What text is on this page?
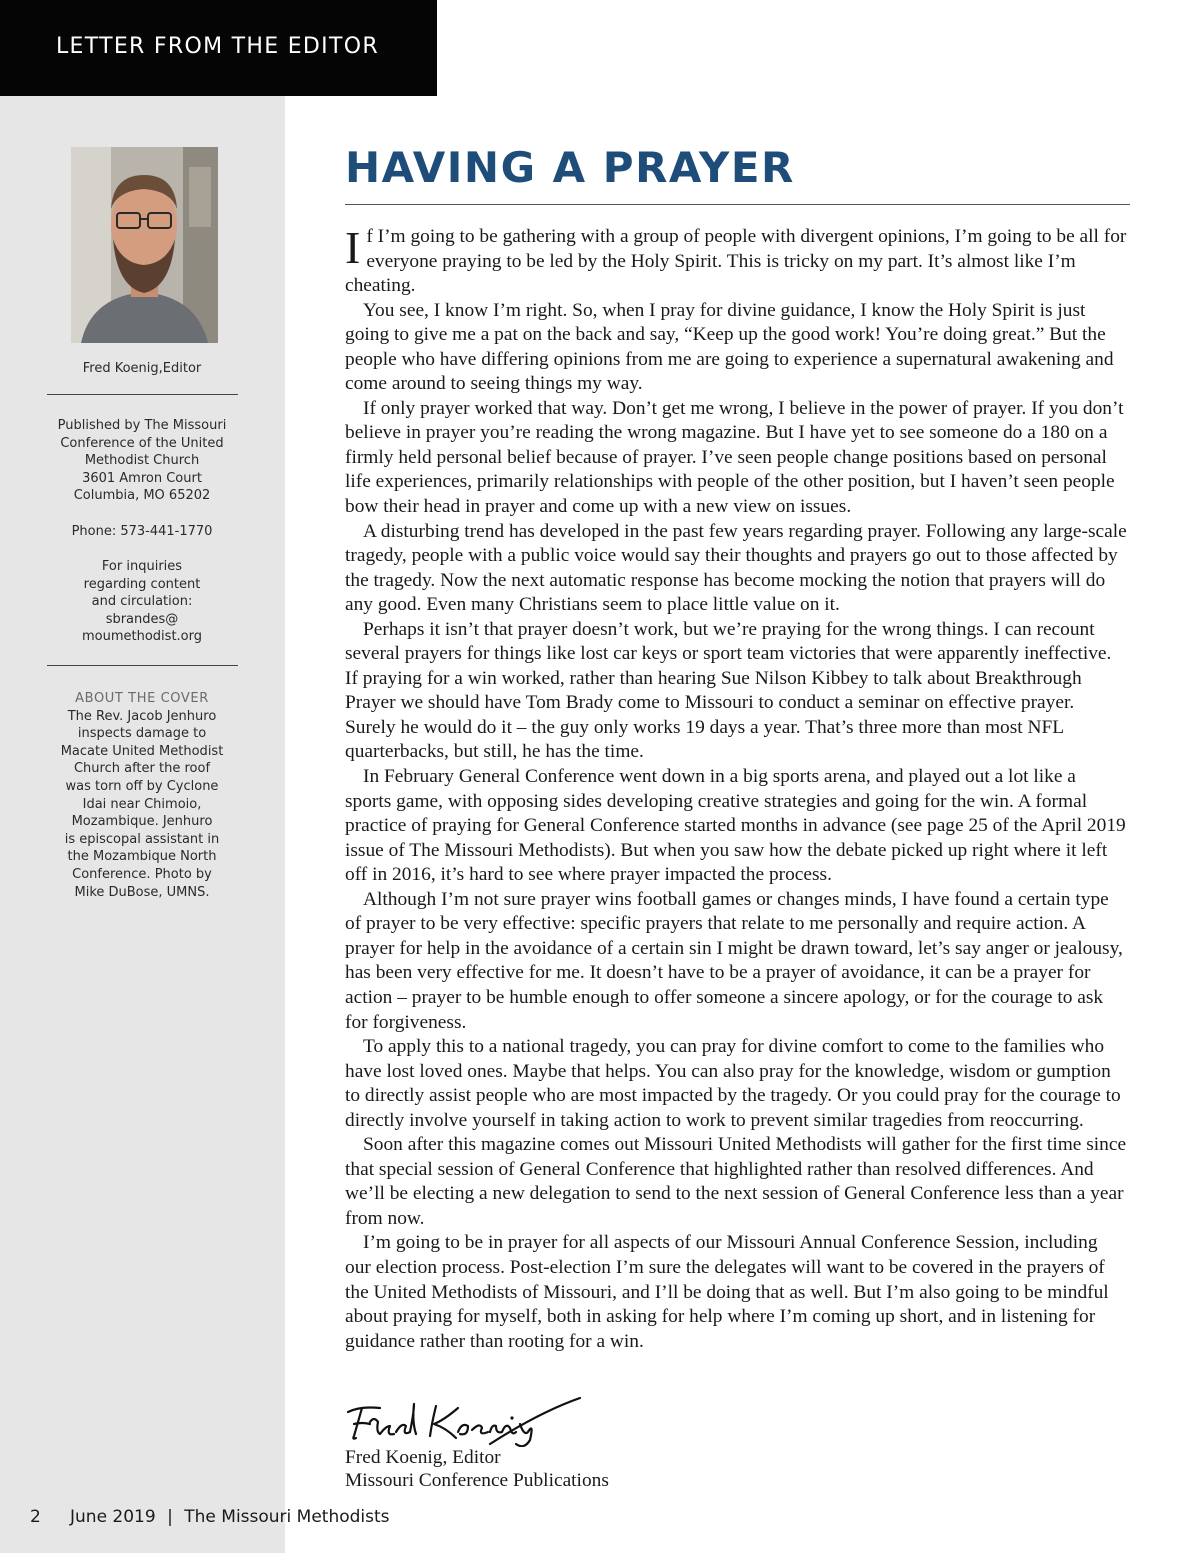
LETTER FROM THE EDITOR
Fred Koenig,Editor
Published by The Missouri
Conference of the United
Methodist Church
3601 Amron Court
Columbia, MO 65202
Phone: 573-441-1770
For inquiries
regarding content
and circulation:
sbrandes@
moumethodist.org
ABOUT THE COVER
The Rev. Jacob Jenhuro
inspects damage to
Macate United Methodist
Church after the roof
was torn off by Cyclone
Idai near Chimoio,
Mozambique. Jenhuro
is episcopal assistant in
the Mozambique North
Conference. Photo by
Mike DuBose, UMNS.
HAVING A PRAYER

If I’m going to be gathering with a group of people with divergent opinions, I’m going to be all for everyone praying to be led by the Holy Spirit. This is tricky on my part. It’s almost like I’m cheating.

You see, I know I’m right. So, when I pray for divine guidance, I know the Holy Spirit is just going to give me a pat on the back and say, “Keep up the good work! You’re doing great.” But the people who have differing opinions from me are going to experience a supernatural awakening and come around to seeing things my way.

If only prayer worked that way. Don’t get me wrong, I believe in the power of prayer. If you don’t believe in prayer you’re reading the wrong magazine. But I have yet to see someone do a 180 on a firmly held personal belief because of prayer. I’ve seen people change positions based on personal life experiences, primarily relationships with people of the other position, but I haven’t seen people bow their head in prayer and come up with a new view on issues.

A disturbing trend has developed in the past few years regarding prayer. Following any large-scale tragedy, people with a public voice would say their thoughts and prayers go out to those affected by the tragedy. Now the next automatic response has become mocking the notion that prayers will do any good. Even many Christians seem to place little value on it.

Perhaps it isn’t that prayer doesn’t work, but we’re praying for the wrong things. I can recount several prayers for things like lost car keys or sport team victories that were apparently ineffective. If praying for a win worked, rather than hearing Sue Nilson Kibbey to talk about Breakthrough Prayer we should have Tom Brady come to Missouri to conduct a seminar on effective prayer. Surely he would do it – the guy only works 19 days a year. That’s three more than most NFL quarterbacks, but still, he has the time.

In February General Conference went down in a big sports arena, and played out a lot like a sports game, with opposing sides developing creative strategies and going for the win. A formal practice of praying for General Conference started months in advance (see page 25 of the April 2019 issue of The Missouri Methodists). But when you saw how the debate picked up right where it left off in 2016, it’s hard to see where prayer impacted the process.

Although I’m not sure prayer wins football games or changes minds, I have found a certain type of prayer to be very effective: specific prayers that relate to me personally and require action. A prayer for help in the avoidance of a certain sin I might be drawn toward, let’s say anger or jealousy, has been very effective for me. It doesn’t have to be a prayer of avoidance, it can be a prayer for action – prayer to be humble enough to offer someone a sincere apology, or for the courage to ask for forgiveness.

To apply this to a national tragedy, you can pray for divine comfort to come to the families who have lost loved ones. Maybe that helps. You can also pray for the knowledge, wisdom or gumption to directly assist people who are most impacted by the tragedy. Or you could pray for the courage to directly involve yourself in taking action to work to prevent similar tragedies from reoccurring.

Soon after this magazine comes out Missouri United Methodists will gather for the first time since that special session of General Conference that highlighted rather than resolved differences. And we’ll be electing a new delegation to send to the next session of General Conference less than a year from now.

I’m going to be in prayer for all aspects of our Missouri Annual Conference Session, including our election process. Post-election I’m sure the delegates will want to be covered in the prayers of the United Methodists of Missouri, and I’ll be doing that as well. But I’m also going to be mindful about praying for myself, both in asking for help where I’m coming up short, and in listening for guidance rather than rooting for a win.

Fred Koenig, Editor
Missouri Conference Publications
2 June 2019 | The Missouri Methodists
